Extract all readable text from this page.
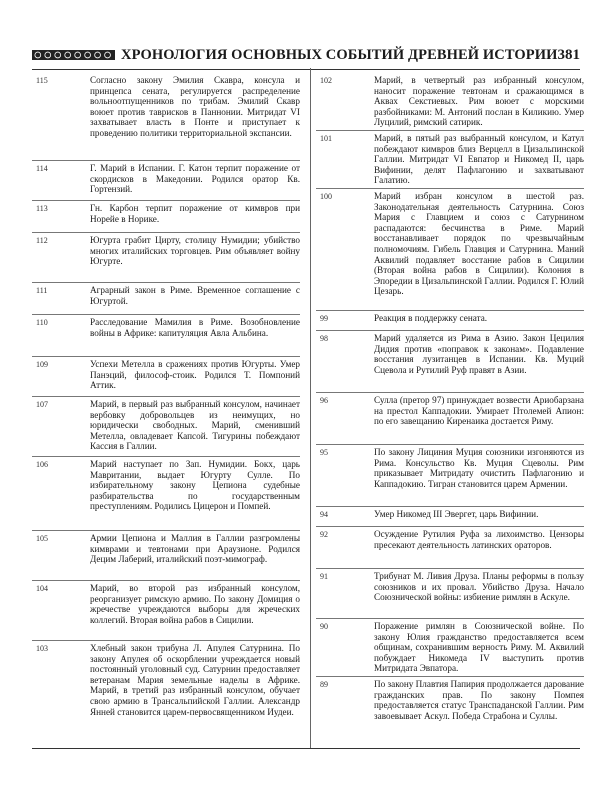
ХРОНОЛОГИЯ ОСНОВНЫХ СОБЫТИЙ ДРЕВНЕЙ ИСТОРИИ 381
115	Согласно закону Эмилия Скавра, консула и принцепса сената, регулируется распределение вольноотпущенников по трибам. Эмилий Скавр воюет против таврисков в Паннонии. Митридат VI захватывает власть в Понте и приступает к проведению политики территориальной экспансии.
114	Г. Марий в Испании. Г. Катон терпит поражение от скордисков в Македонии. Родился оратор Кв. Гортензий.
113	Гн. Карбон терпит поражение от кимвров при Норейе в Норике.
112	Югурта грабит Цирту, столицу Нумидии; убийство многих италийских торговцев. Рим объявляет войну Югурте.
111	Аграрный закон в Риме. Временное соглашение с Югуртой.
110	Расследование Мамилия в Риме. Возобновление войны в Африке: капитуляция Авла Альбина.
109	Успехи Метелла в сражениях против Югурты. Умер Панэций, философ-стоик. Родился Т. Помпоний Аттик.
107	Марий, в первый раз выбранный консулом, начинает вербовку добровольцев из неимущих, но юридически свободных. Марий, сменивший Метелла, овладевает Капсой. Тигурины побеждают Кассия в Галлии.
106	Марий наступает по Зап. Нумидии. Бокх, царь Мавритании, выдает Югурту Сулле. По избирательному закону Цепиона судебные разбирательства по государственным преступлениям. Родились Цицерон и Помпей.
105	Армии Цепиона и Маллия в Галлии разгромлены кимврами и тевтонами при Араузионе. Родился Децим Лаберий, италийский поэт-мимограф.
104	Марий, во второй раз избранный консулом, реорганизует римскую армию. По закону Домиция о жречестве учреждаются выборы для жреческих коллегий. Вторая война рабов в Сицилии.
103	Хлебный закон трибуна Л. Апулея Сатурнина. По закону Апулея об оскорблении учреждается новый постоянный уголовный суд. Сатурнин предоставляет ветеранам Мария земельные наделы в Африке. Марий, в третий раз избранный консулом, обучает свою армию в Трансальпийской Галлии. Александр Янней становится царем-первосвященником Иудеи.
102	Марий, в четвертый раз избранный консулом, наносит поражение тевтонам и сражающимся в Аквах Секстиевых. Рим воюет с морскими разбойниками: М. Антоний послан в Киликию. Умер Луцилий, римский сатирик.
101	Марий, в пятый раз выбранный консулом, и Катул побеждают кимвров близ Верцелл в Цизальпинской Галлии. Митридат VI Евпатор и Никомед II, царь Вифинии, делят Пафлагонию и захватывают Галатию.
100	Марий избран консулом в шестой раз. Законодательная деятельность Сатурнина. Союз Мария с Главцием и союз с Сатурнином распадаются: бесчинства в Риме. Марий восстанавливает порядок по чрезвычайным полномочиям. Гибель Главция и Сатурнина. Маний Аквилий подавляет восстание рабов в Сицилии (Вторая война рабов в Сицилии). Колония в Эпоредии в Цизальпинской Галлии. Родился Г. Юлий Цезарь.
99	Реакция в поддержку сената.
98	Марий удаляется из Рима в Азию. Закон Цецилия Дидия против «поправок к законам». Подавление восстания лузитанцев в Испании. Кв. Муций Сцевола и Рутилий Руф правят в Азии.
96	Сулла (претор 97) принуждает возвести Ариобарзана на престол Каппадокии. Умирает Птолемей Апион: по его завещанию Киренаика достается Риму.
95	По закону Лициния Муция союзники изгоняются из Рима. Консульство Кв. Муция Сцеволы. Рим приказывает Митридату очистить Пафлагонию и Каппадокию. Тигран становится царем Армении.
94	Умер Никомед III Эвергет, царь Вифинии.
92	Осуждение Рутилия Руфа за лихоимство. Цензоры пресекают деятельность латинских ораторов.
91	Трибунат М. Ливия Друза. Планы реформы в пользу союзников и их провал. Убийство Друза. Начало Союзнической войны: избиение римлян в Аскуле.
90	Поражение римлян в Союзнической войне. По закону Юлия гражданство предоставляется всем общинам, сохранившим верность Риму. М. Аквилий побуждает Никомеда IV выступить против Митридата Эвпатора.
89	По закону Плавтия Папирия продолжается дарование гражданских прав. По закону Помпея предоставляется статус Транспаданской Галлии. Рим завоевывает Аскул. Победа Страбона и Суллы.
